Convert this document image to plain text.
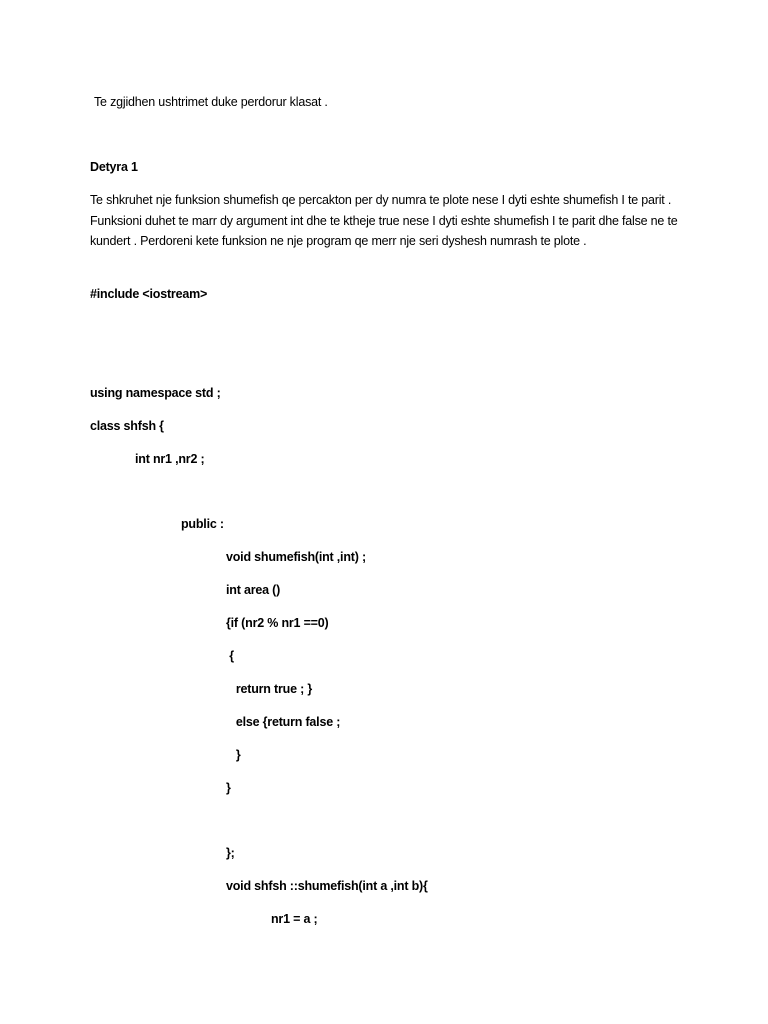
Te zgjidhen ushtrimet duke perdorur klasat .
Detyra 1
Te shkruhet nje funksion shumefish qe percakton per dy numra te plote nese I dyti eshte shumefish I te parit . Funksioni duhet te marr dy argument int dhe te ktheje true nese I dyti eshte shumefish I te parit dhe false ne te kundert . Perdoreni kete funksion ne nje program qe merr nje seri dyshesh numrash te plote .
#include <iostream>
using namespace std ;
class shfsh {
int nr1 ,nr2 ;
public :
void shumefish(int ,int) ;
int area ()
{if (nr2 % nr1 ==0)
{
return true ; }
else {return false ;
}
}
};
void shfsh ::shumefish(int a ,int b){
nr1 = a ;
